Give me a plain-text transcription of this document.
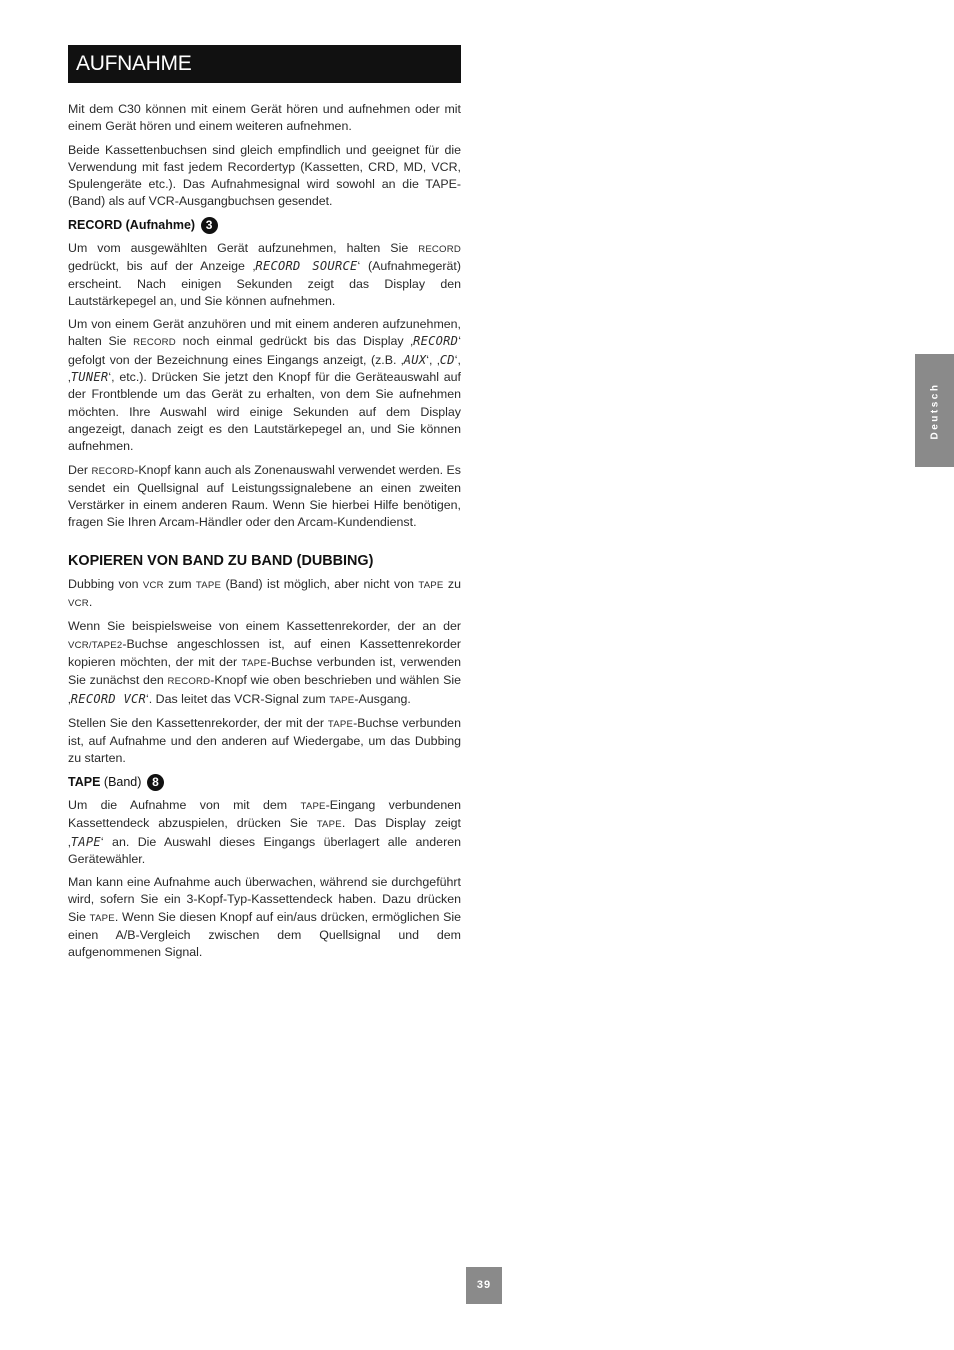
AUFNAHME

Mit dem C30 können mit einem Gerät hören und aufnehmen oder mit einem Gerät hören und einem weiteren aufnehmen.

Beide Kassettenbuchsen sind gleich empfindlich und geeignet für die Verwendung mit fast jedem Recordertyp (Kassetten, CRD, MD, VCR, Spulengeräte etc.). Das Aufnahmesignal wird sowohl an die TAPE-(Band) als auf VCR-Ausgangbuchsen gesendet.

RECORD (Aufnahme) 3

Um vom ausgewählten Gerät aufzunehmen, halten Sie RECORD gedrückt, bis auf der Anzeige ‚RECORD SOURCE‘ (Aufnahmegerät) erscheint. Nach einigen Sekunden zeigt das Display den Lautstärkepegel an, und Sie können aufnehmen.

Um von einem Gerät anzuhören und mit einem anderen aufzunehmen, halten Sie RECORD noch einmal gedrückt bis das Display ‚RECORD‘ gefolgt von der Bezeichnung eines Eingangs anzeigt, (z.B. ‚AUX‘, ‚CD‘, ‚TUNER‘, etc.). Drücken Sie jetzt den Knopf für die Geräteauswahl auf der Frontblende um das Gerät zu erhalten, von dem Sie aufnehmen möchten. Ihre Auswahl wird einige Sekunden auf dem Display angezeigt, danach zeigt es den Lautstärkepegel an, und Sie können aufnehmen.

Der RECORD-Knopf kann auch als Zonenauswahl verwendet werden. Es sendet ein Quellsignal auf Leistungssignalebene an einen zweiten Verstärker in einem anderen Raum. Wenn Sie hierbei Hilfe benötigen, fragen Sie Ihren Arcam-Händler oder den Arcam-Kundendienst.

KOPIEREN VON BAND ZU BAND (DUBBING)

Dubbing von VCR zum TAPE (Band) ist möglich, aber nicht von TAPE zu VCR.

Wenn Sie beispielsweise von einem Kassettenrekorder, der an der VCR/TAPE2-Buchse angeschlossen ist, auf einen Kassettenrekorder kopieren möchten, der mit der TAPE-Buchse verbunden ist, verwenden Sie zunächst den RECORD-Knopf wie oben beschrieben und wählen Sie ‚RECORD VCR‘. Das leitet das VCR-Signal zum TAPE-Ausgang.

Stellen Sie den Kassettenrekorder, der mit der TAPE-Buchse verbunden ist, auf Aufnahme und den anderen auf Wiedergabe, um das Dubbing zu starten.

TAPE (Band) 8

Um die Aufnahme von mit dem TAPE-Eingang verbundenen Kassettendeck abzuspielen, drücken Sie TAPE. Das Display zeigt ‚TAPE‘ an. Die Auswahl dieses Eingangs überlagert alle anderen Gerätewähler.

Man kann eine Aufnahme auch überwachen, während sie durchgeführt wird, sofern Sie ein 3-Kopf-Typ-Kassettendeck haben. Dazu drücken Sie TAPE. Wenn Sie diesen Knopf auf ein/aus drücken, ermöglichen Sie einen A/B-Vergleich zwischen dem Quellsignal und dem aufgenommenen Signal.

Deutsch
39
